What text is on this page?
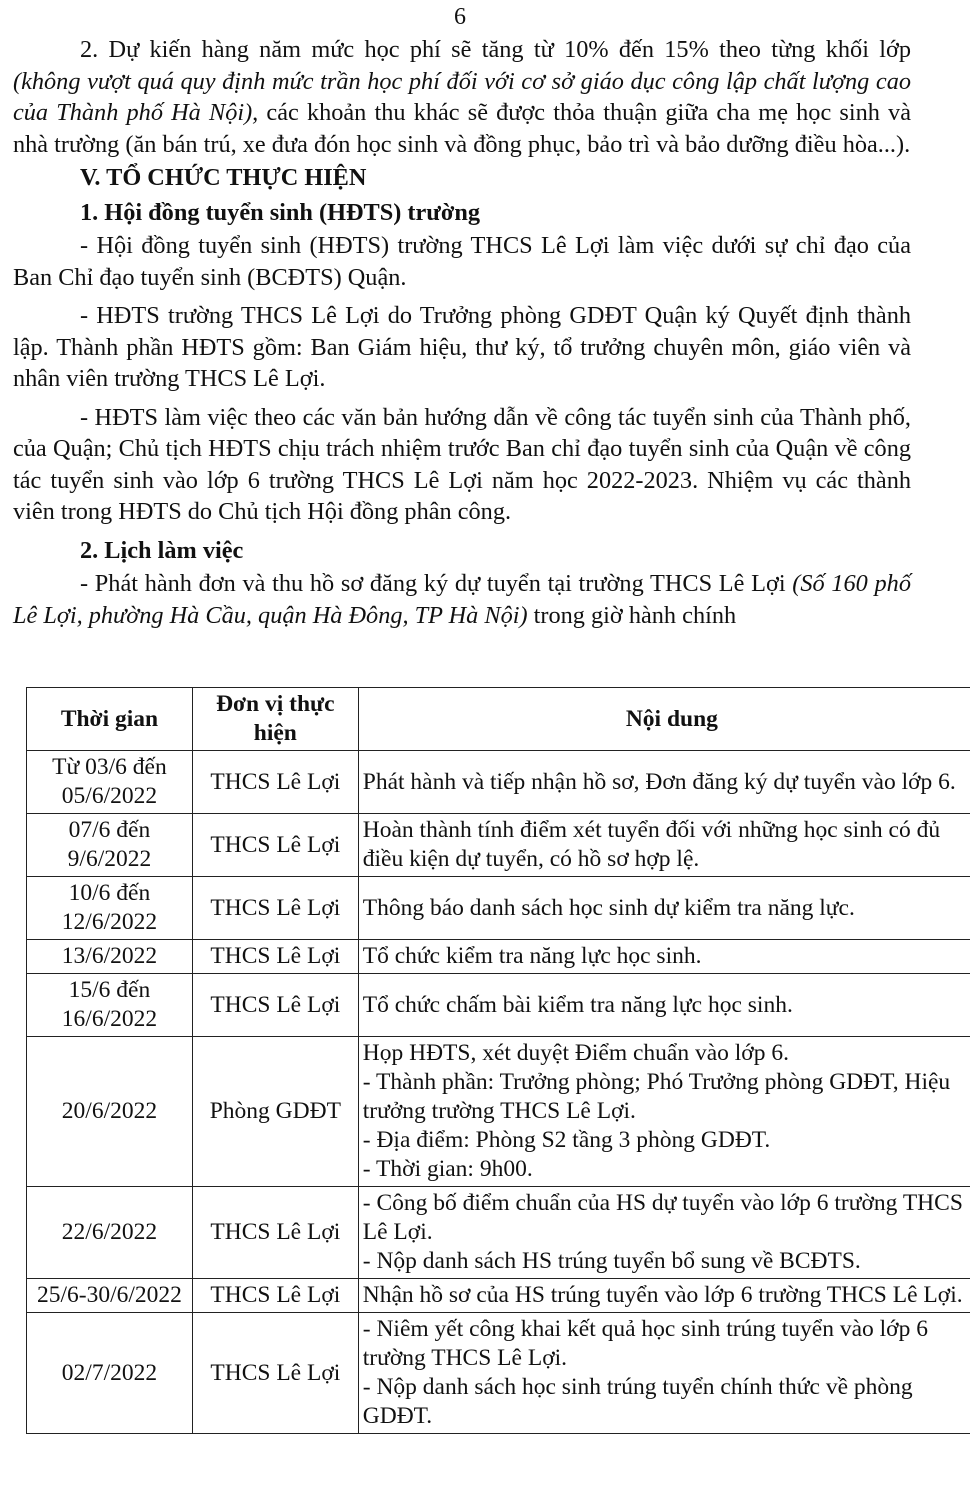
6

2. Dự kiến hàng năm mức học phí sẽ tăng từ 10% đến 15% theo từng khối lớp (không vượt quá quy định mức trần học phí đối với cơ sở giáo dục công lập chất lượng cao của Thành phố Hà Nội), các khoản thu khác sẽ được thỏa thuận giữa cha mẹ học sinh và nhà trường (ăn bán trú, xe đưa đón học sinh và đồng phục, bảo trì và bảo dưỡng điều hòa...).

V. TỔ CHỨC THỰC HIỆN

1. Hội đồng tuyển sinh (HĐTS) trường

- Hội đồng tuyển sinh (HĐTS) trường THCS Lê Lợi làm việc dưới sự chỉ đạo của Ban Chỉ đạo tuyển sinh (BCĐTS) Quận.

- HĐTS trường THCS Lê Lợi do Trưởng phòng GDĐT Quận ký Quyết định thành lập. Thành phần HĐTS gồm: Ban Giám hiệu, thư ký, tổ trưởng chuyên môn, giáo viên và nhân viên trường THCS Lê Lợi.

- HĐTS làm việc theo các văn bản hướng dẫn về công tác tuyển sinh của Thành phố, của Quận; Chủ tịch HĐTS chịu trách nhiệm trước Ban chỉ đạo tuyển sinh của Quận về công tác tuyển sinh vào lớp 6 trường THCS Lê Lợi năm học 2022-2023. Nhiệm vụ các thành viên trong HĐTS do Chủ tịch Hội đồng phân công.

2. Lịch làm việc

- Phát hành đơn và thu hồ sơ đăng ký dự tuyển tại trường THCS Lê Lợi (Số 160 phố Lê Lợi, phường Hà Cầu, quận Hà Đông, TP Hà Nội) trong giờ hành chính

Thời gian	Đơn vị thực hiện	Nội dung
Từ 03/6 đến 05/6/2022	THCS Lê Lợi	Phát hành và tiếp nhận hồ sơ, Đơn đăng ký dự tuyển vào lớp 6.

07/6 đến 9/6/2022	THCS Lê Lợi	Hoàn thành tính điểm xét tuyển đối với những học sinh có đủ điều kiện dự tuyển, có hồ sơ hợp lệ.

10/6 đến 12/6/2022	THCS Lê Lợi	Thông báo danh sách học sinh dự kiểm tra năng lực.

13/6/2022	THCS Lê Lợi	Tổ chức kiểm tra năng lực học sinh.

15/6 đến 16/6/2022	THCS Lê Lợi	Tổ chức chấm bài kiểm tra năng lực học sinh.

20/6/2022	Phòng GDĐT	Họp HĐTS, xét duyệt Điểm chuẩn vào lớp 6.
- Thành phần: Trưởng phòng; Phó Trưởng phòng GDĐT, Hiệu trưởng trường THCS Lê Lợi.
- Địa điểm: Phòng S2 tầng 3 phòng GDĐT.
- Thời gian: 9h00.

22/6/2022	THCS Lê Lợi	- Công bố điểm chuẩn của HS dự tuyển vào lớp 6 trường THCS Lê Lợi.
- Nộp danh sách HS trúng tuyển bổ sung về BCĐTS.

25/6-30/6/2022	THCS Lê Lợi	Nhận hồ sơ của HS trúng tuyển vào lớp 6 trường THCS Lê Lợi.

02/7/2022	THCS Lê Lợi	- Niêm yết công khai kết quả học sinh trúng tuyển vào lớp 6 trường THCS Lê Lợi.
- Nộp danh sách học sinh trúng tuyển chính thức về phòng GDĐT.
